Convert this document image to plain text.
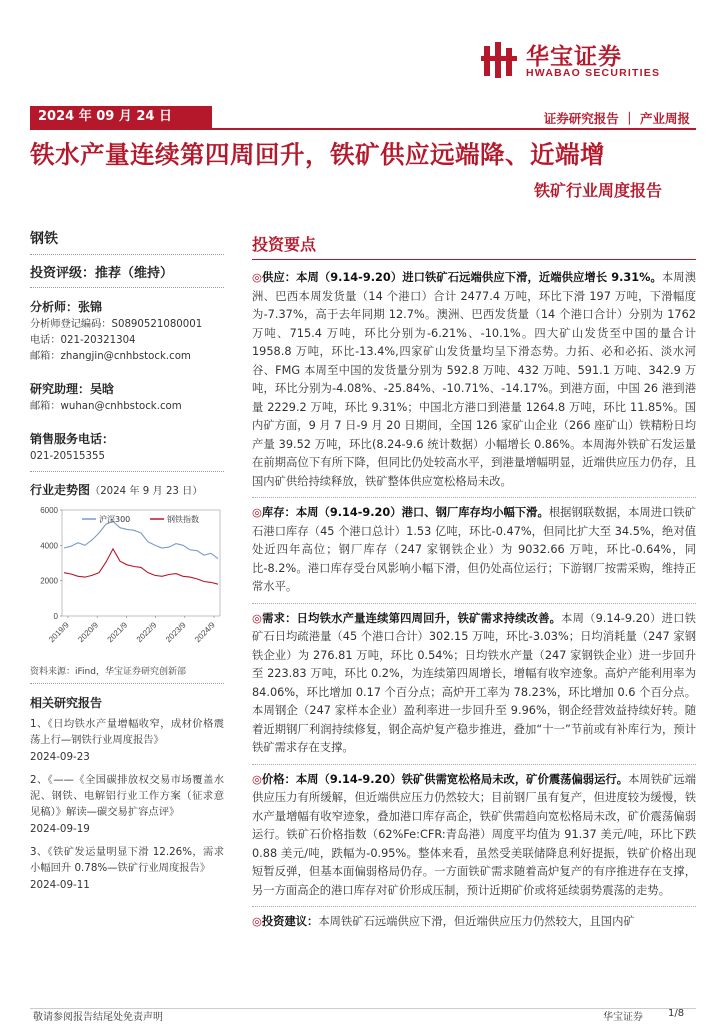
华宝证券
HWABAO SECURITIES
2024 年 09 月 24 日	证券研究报告 ｜ 产业周报
铁水产量连续第四周回升，铁矿供应远端降、近端增
铁矿行业周度报告
钢铁
投资评级：推荐（维持）
分析师：张锦
分析师登记编码：S0890521080001
电话：021-20321304
邮箱：zhangjin@cnhbstock.com
研究助理：吴晗
邮箱：wuhan@cnhbstock.com
销售服务电话：
021-20515355
行业走势图（2024 年 9 月 23 日）
0
2000
4000
6000
2019/9 2020/9 2021/9 2022/9 2023/9 2024/9
沪深300	钢铁指数
资料来源：iFind，华宝证券研究创新部
相关研究报告
1、《日均铁水产量增幅收窄，成材价格震荡上行—钢铁行业周度报告》
2024-09-23
2、《——《全国碳排放权交易市场覆盖水泥、钢铁、电解铝行业工作方案（征求意见稿）》解读—碳交易扩容点评》
2024-09-19
3、《铁矿发运量明显下滑 12.26%，需求小幅回升 0.78%—铁矿行业周度报告》
2024-09-11
投资要点
◎供应：本周（9.14-9.20）进口铁矿石远端供应下滑，近端供应增长 9.31%。本周澳洲、巴西本周发货量（14 个港口）合计 2477.4 万吨，环比下滑 197 万吨，下滑幅度为-7.37%，高于去年同期 12.7%。澳洲、巴西发货量（14 个港口合计）分别为 1762 万吨、715.4 万吨，环比分别为-6.21%、-10.1%。四大矿山发货至中国的量合计 1958.8 万吨，环比-13.4%,四家矿山发货量均呈下滑态势。力拓、必和必拓、淡水河谷、FMG 本周至中国的发货量分别为 592.8 万吨、432 万吨、591.1 万吨、342.9 万吨，环比分别为-4.08%、-25.84%、-10.71%、-14.17%。到港方面，中国 26 港到港量 2229.2 万吨，环比 9.31%；中国北方港口到港量 1264.8 万吨，环比 11.85%。国内矿方面，9 月 7 日-9 月 20 日期间，全国 126 家矿山企业（266 座矿山）铁精粉日均产量 39.52 万吨，环比(8.24-9.6 统计数据）小幅增长 0.86%。本周海外铁矿石发运量在前期高位下有所下降，但同比仍处较高水平，到港量增幅明显，近端供应压力仍存，且国内矿供给持续释放，铁矿整体供应宽松格局未改。
◎库存：本周（9.14-9.20）港口、钢厂库存均小幅下滑。根据钢联数据，本周进口铁矿石港口库存（45 个港口总计）1.53 亿吨，环比-0.47%，但同比扩大至 34.5%，绝对值处近四年高位；钢厂库存（247 家钢铁企业）为 9032.66 万吨，环比-0.64%，同比-8.2%。港口库存受台风影响小幅下滑，但仍处高位运行；下游钢厂按需采购，维持正常水平。
◎需求：日均铁水产量连续第四周回升，铁矿需求持续改善。本周（9.14-9.20）进口铁矿石日均疏港量（45 个港口合计）302.15 万吨，环比-3.03%；日均消耗量（247 家钢铁企业）为 276.81 万吨，环比 0.54%；日均铁水产量（247 家钢铁企业）进一步回升至 223.83 万吨，环比 0.2%，为连续第四周增长，增幅有收窄迹象。高炉产能利用率为 84.06%，环比增加 0.17 个百分点；高炉开工率为 78.23%，环比增加 0.6 个百分点。本周钢企（247 家样本企业）盈利率进一步回升至 9.96%，钢企经营效益持续好转。随着近期钢厂利润持续修复，钢企高炉复产稳步推进，叠加“十一”节前或有补库行为，预计铁矿需求存在支撑。
◎价格：本周（9.14-9.20）铁矿供需宽松格局未改，矿价震荡偏弱运行。本周铁矿远端供应压力有所缓解，但近端供应压力仍然较大；目前钢厂虽有复产，但进度较为缓慢，铁水产量增幅有收窄迹象，叠加港口库存高企，铁矿供需趋向宽松格局未改，矿价震荡偏弱运行。铁矿石价格指数（62%Fe:CFR:青岛港）周度平均值为 91.37 美元/吨，环比下跌 0.88 美元/吨，跌幅为-0.95%。整体来看，虽然受美联储降息利好提振，铁矿价格出现短暂反弹，但基本面偏弱格局仍存。一方面铁矿需求随着高炉复产的有序推进存在支撑，另一方面高企的港口库存对矿价形成压制，预计近期矿价或将延续弱势震荡的走势。
◎投资建议：本周铁矿石远端供应下滑，但近端供应压力仍然较大，且国内矿
敬请参阅报告结尾处免责声明	华宝证券	1/8
